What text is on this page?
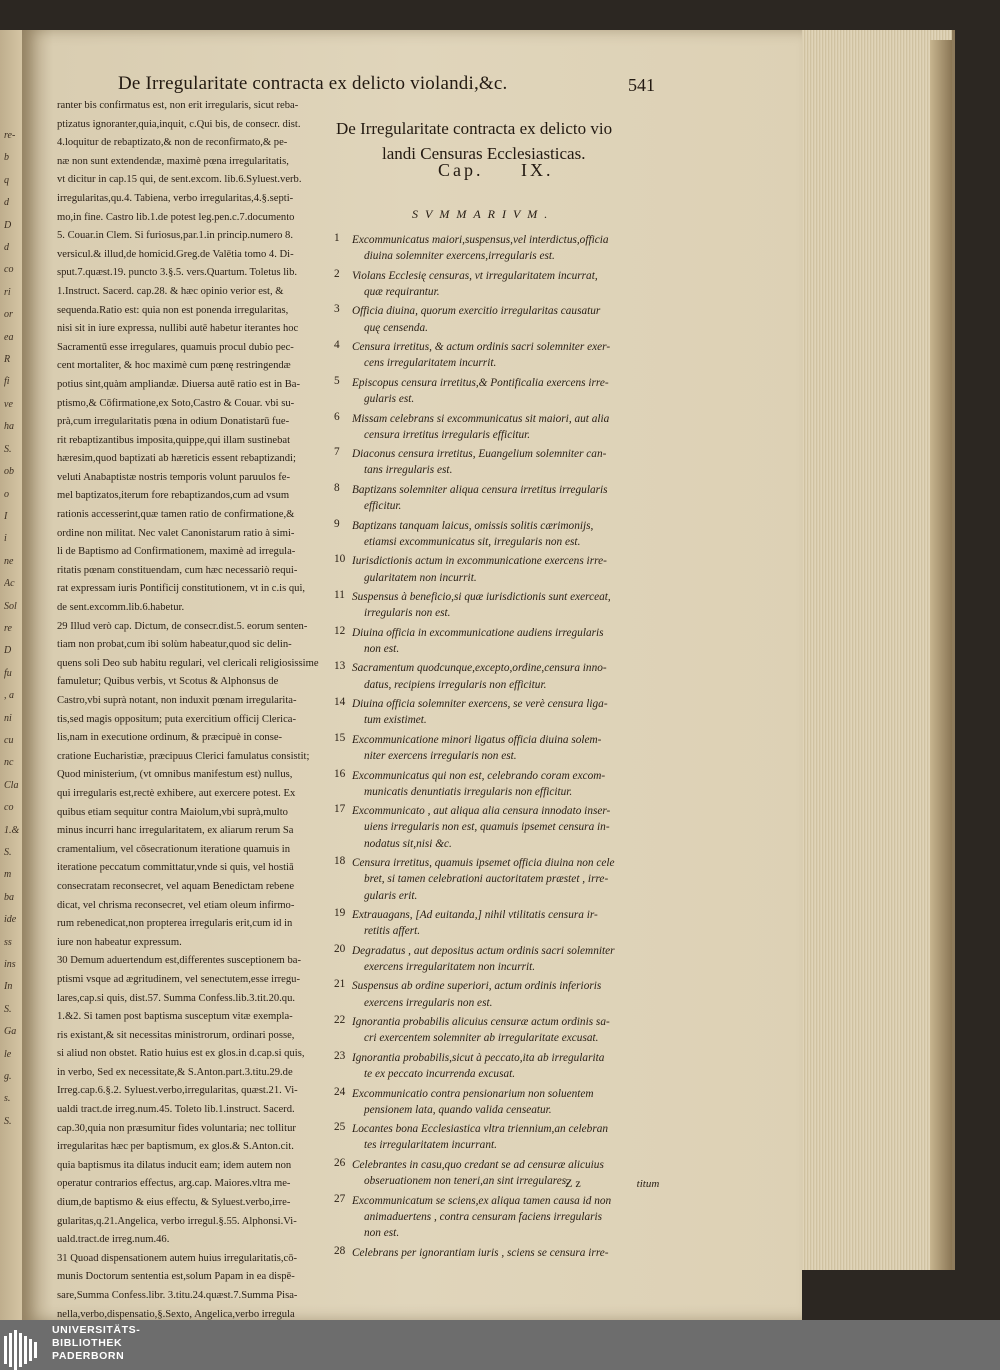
re-
b
q
d
D
d
co
ri
or
ea
R
fi
ve
ha
S.
ob
o
I
i
ne
Ac
Sol
re
D
fu
, a
ni
cu
nc
Cla
co
1.&
S.
m
ba
ide
ss
ins
In
S.
Ga
le
g.
s.
S.
De Irregularitate contracta ex delicto violandi,&c.	541
ranter bis confirmatus est, non erit irregularis, sicut reba-
ptizatus ignoranter,quia,inquit, c.Qui bis, de consecr. dist.
4.loquitur de rebaptizato,& non de reconfirmato,& pe-
næ non sunt extendendæ, maximè pœna irregularitatis,
vt dicitur in cap.15 qui, de sent.excom. lib.6.Syluest.verb.
irregularitas,qu.4. Tabiena, verbo irregularitas,4.§.septi-
mo,in fine. Castro lib.1.de potest leg.pen.c.7.documento
5. Couar.in Clem. Si furiosus,par.1.in princip.numero 8.
versicul.& illud,de homicid.Greg.de Valētia tomo 4. Di-
sput.7.quæst.19. puncto 3.§.5. vers.Quartum. Toletus lib.
1.Instruct. Sacerd. cap.28. & hæc opinio verior est, &
sequenda.Ratio est: quia non est ponenda irregularitas,
nisi sit in iure expressa, nullibi autē habetur iterantes hoc
Sacramentū esse irregulares, quamuis procul dubio pec-
cent mortaliter, & hoc maximè cum pœnę restringendæ
potius sint,quàm ampliandæ. Diuersa autē ratio est in Ba-
ptismo,& Cōfirmatione,ex Soto,Castro & Couar. vbi su-
prà,cum irregularitatis pœna in odium Donatistarū fue-
rit rebaptizantibus imposita,quippe,qui illam sustinebat
hæresim,quod baptizati ab hæreticis essent rebaptizandi;
veluti Anabaptistæ nostris temporis volunt paruulos fe-
mel baptizatos,iterum fore rebaptizandos,cum ad vsum
rationis accesserint,quæ tamen ratio de confirmatione,&
ordine non militat. Nec valet Canonistarum ratio à simi-
li de Baptismo ad Confirmationem, maximè ad irregula-
ritatis pœnam constituendam, cum hæc necessariò requi-
rat expressam iuris Pontificij constitutionem, vt in c.is qui,
de sent.excomm.lib.6.habetur.
29 Illud verò cap. Dictum, de consecr.dist.5. eorum senten-
tiam non probat,cum ibi solùm habeatur,quod sic delin-
quens soli Deo sub habitu regulari, vel clericali religiosissime
famuletur; Quibus verbis, vt Scotus & Alphonsus de
Castro,vbi suprà notant, non induxit pœnam irregularita-
tis,sed magis oppositum; puta exercitium officij Clerica-
lis,nam in executione ordinum, & præcipuè in conse-
cratione Eucharistiæ, præcipuus Clerici famulatus consistit;
Quod ministerium, (vt omnibus manifestum est) nullus,
qui irregularis est,rectè exhibere, aut exercere potest. Ex
quibus etiam sequitur contra Maiolum,vbi suprà,multo
minus incurri hanc irregularitatem, ex aliarum rerum Sa
cramentalium, vel cōsecrationum iteratione quamuis in
iteratione peccatum committatur,vnde si quis, vel hostiā
consecratam reconsecret, vel aquam Benedictam rebene
dicat, vel chrisma reconsecret, vel etiam oleum infirmo-
rum rebenedicat,non propterea irregularis erit,cum id in
iure non habeatur expressum.
30 Demum aduertendum est,differentes susceptionem ba-
ptismi vsque ad ægritudinem, vel senectutem,esse irregu-
lares,cap.si quis, dist.57. Summa Confess.lib.3.tit.20.qu.
1.&2. Si tamen post baptisma susceptum vitæ exempla-
ris existant,& sit necessitas ministrorum, ordinari posse,
si aliud non obstet. Ratio huius est ex glos.in d.cap.si quis,
in verbo, Sed ex necessitate,& S.Anton.part.3.titu.29.de
Irreg.cap.6.§.2. Syluest.verbo,irregularitas, quæst.21. Vi-
ualdi tract.de irreg.num.45. Toleto lib.1.instruct. Sacerd.
cap.30,quia non præsumitur fides voluntaria; nec tollitur
irregularitas hæc per baptismum, ex glos.& S.Anton.cit.
quia baptismus ita dilatus inducit eam; idem autem non
operatur contrarios effectus, arg.cap. Maiores.vltra me-
dium,de baptismo & eius effectu, & Syluest.verbo,irre-
gularitas,q.21.Angelica, verbo irregul.§.55. Alphonsi.Vi-
uald.tract.de irreg.num.46.
31 Quoad dispensationem autem huius irregularitatis,cō-
munis Doctorum sententia est,solum Papam in ea dispē-
sare,Summa Confess.libr. 3.titu.24.quæst.7.Summa Pisa-
nella,verbo,dispensatio,§.Sexto, Angelica,verbo irregula
De Irregularitate contracta ex delicto vio
landi Censuras Ecclesiasticas.
Cap.     IX.
SVMMARIVM.
1	Excommunicatus maiori,suspensus,vel interdictus,officia
diuina solemniter exercens,irregularis est.
2	Violans Ecclesię censuras, vt irregularitatem incurrat,
quæ requirantur.
3	Officia diuina, quorum exercitio irregularitas causatur
quę censenda.
4	Censura irretitus, & actum ordinis sacri solemniter exer-
cens irregularitatem incurrit.
5	Episcopus censura irretitus,& Pontificalia exercens irre-
gularis est.
6	Missam celebrans si excommunicatus sit maiori, aut alia
censura irretitus irregularis efficitur.
7	Diaconus censura irretitus, Euangelium solemniter can-
tans irregularis est.
8	Baptizans solemniter aliqua censura irretitus irregularis
efficitur.
9	Baptizans tanquam laicus, omissis solitis cærimonijs,
etiamsi excommunicatus sit, irregularis non est.
10 Iurisdictionis actum in excommunicatione exercens irre-
gularitatem non incurrit.
11 Suspensus à beneficio,si quæ iurisdictionis sunt exerceat,
irregularis non est.
12 Diuina officia in excommunicatione audiens irregularis
non est.
13 Sacramentum quodcunque,excepto,ordine,censura inno-
datus, recipiens irregularis non efficitur.
14 Diuina officia solemniter exercens, se verè censura liga-
tum existimet.
15 Excommunicatione minori ligatus officia diuina solem-
niter exercens irregularis non est.
16 Excommunicatus qui non est, celebrando coram excom-
municatis denuntiatis irregularis non efficitur.
17 Excommunicato , aut aliqua alia censura innodato inser-
uiens irregularis non est, quamuis ipsemet censura in-
nodatus sit,nisi &c.
18 Censura irretitus, quamuis ipsemet officia diuina non cele
bret, si tamen celebrationi auctoritatem præstet , irre-
gularis erit.
19 Extrauagans, [Ad euitanda,] nihil vtilitatis censura ir-
retitis affert.
20 Degradatus , aut depositus actum ordinis sacri solemniter
exercens irregularitatem non incurrit.
21 Suspensus ab ordine superiori, actum ordinis inferioris
exercens irregularis non est.
22 Ignorantia probabilis alicuius censuræ actum ordinis sa-
cri exercentem solemniter ab irregularitate excusat.
23 Ignorantia probabilis,sicut à peccato,ita ab irregularita
te ex peccato incurrenda excusat.
24 Excommunicatio contra pensionarium non soluentem
pensionem lata, quando valida censeatur.
25 Locantes bona Ecclesiastica vltra triennium,an celebran
tes irregularitatem incurrant.
26 Celebrantes in casu,quo credant se ad censuræ alicuius
obseruationem non teneri,an sint irregulares.
27 Excommunicatum se sciens,ex aliqua tamen causa id non
animaduertens , contra censuram faciens irregularis
non est.
28 Celebrans per ignorantiam iuris , sciens se censura irre-
Z z	titum
UNIVERSITÄTS-
BIBLIOTHEK
PADERBORN
